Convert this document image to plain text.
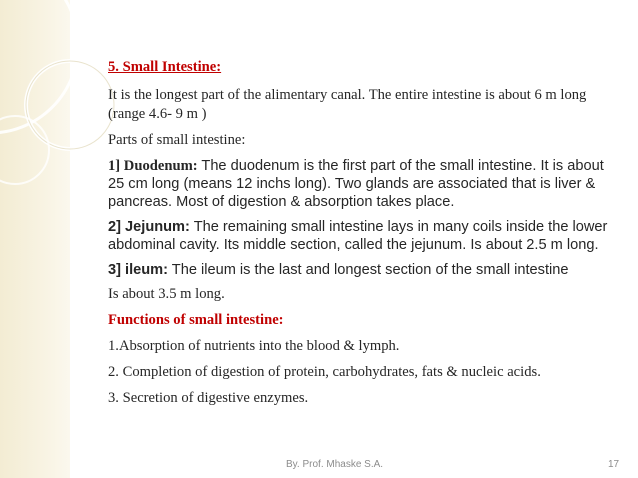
5. Small Intestine:

It is the longest part of the alimentary canal. The entire intestine is about 6 m long (range 4.6- 9 m )

Parts of small intestine:

1] Duodenum: The duodenum is the first part of the small intestine. It is about 25 cm long (means 12 inchs long). Two glands are associated that is liver & pancreas. Most of digestion & absorption takes place.

2] Jejunum: The remaining small intestine lays in many coils inside the lower abdominal cavity. Its middle section, called the jejunum. Is about 2.5 m long.

3] ileum: The ileum is the last and longest section of the small intestine

Is about 3.5 m long.

Functions of small intestine:

1.Absorption of nutrients into the blood & lymph.

2. Completion of digestion of protein, carbohydrates, fats & nucleic acids.

3. Secretion of digestive enzymes.

By. Prof. Mhaske S.A.	17
